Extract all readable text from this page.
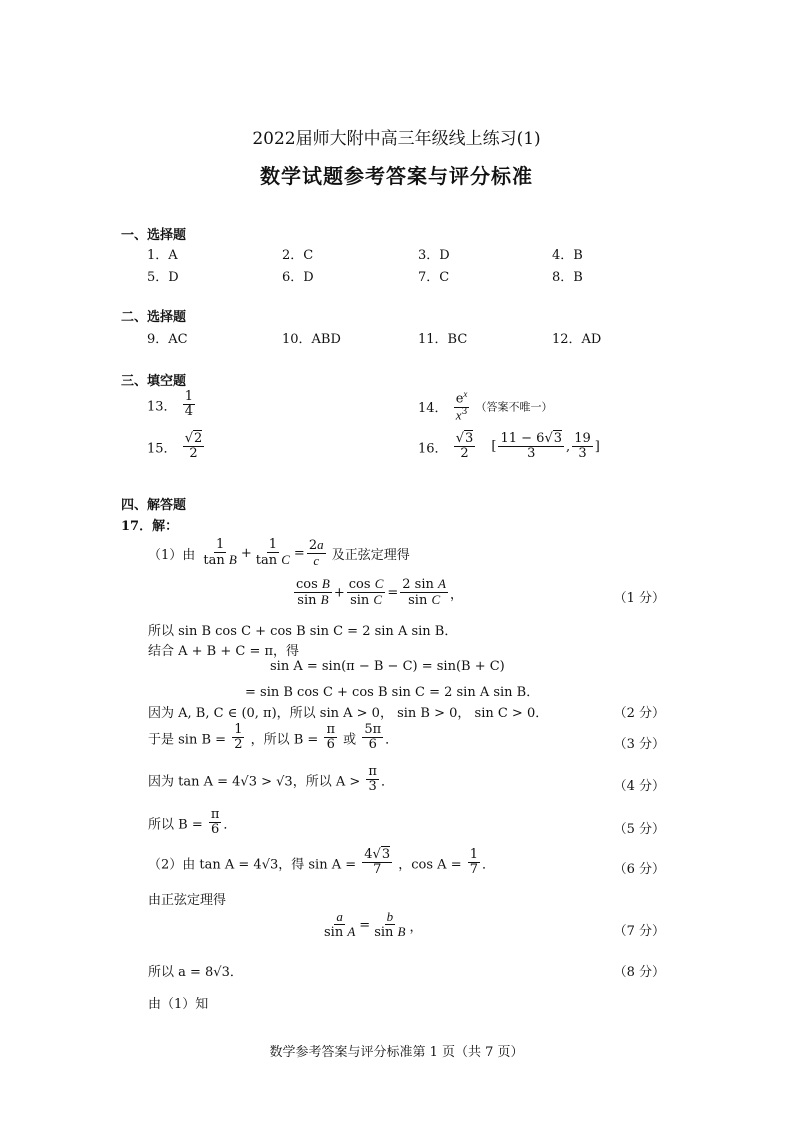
2022届师大附中高三年级线上练习(1)
数学试题参考答案与评分标准
一、选择题
1．A	2．C	3．D	4．B
5．D	6．D	7．C	8．B
二、选择题
9．AC	10．ABD	11．BC	12．AD
三、填空题
13． $\frac{1}{4}$	14． $\frac{e^x}{x^3}$ （答案不唯一）
15． $\frac{√2}{2}$	16． $\frac{√3}{2}$ [ $\frac{11 - 6√3}{3}$ , $\frac{19}{3}$ ]
四、解答题
17．解：
（1）由 $\frac{1}{\text{tan B}} + \frac{1}{\text{tan C}} = \frac{2a}{c}$ 及正弦定理得
$\frac{\text{cos B}}{\text{sin B}} + \frac{\text{cos C}}{\text{sin C}} = \frac{\text{2 sin A}}{\text{sin C}}$ ，	（1 分）
所以 sin B cos C + cos B sin C = 2 sin A sin B．
结合 A + B + C = π，得
sin A = sin(π − B − C) = sin(B + C)
= sin B cos C + cos B sin C = 2 sin A sin B．
因为 A, B, C ∈ (0, π)，所以 sin A > 0， sin B > 0， sin C > 0．	（2 分）
于是 $\sin B = \frac{1}{2}$ ，所以 $B = \frac{\pi}{6}$ 或 $\frac{5\pi}{6}$ ．	（3 分）
因为 tan A = 4√3 > √3，所以 $A > \frac{\pi}{3}$ ．	（4 分）
所以 $B = \frac{\pi}{6}$ ．	（5 分）
（2）由 tan A = 4√3，得 $\sin A = \frac{4√3}{7}$ ，$\cos A = \frac{1}{7}$ ．	（6 分）
由正弦定理得
$\frac{a}{\text{sin A}} = \frac{b}{\text{sin B}}$ ，	（7 分）
所以 a = 8√3．	（8 分）
由（1）知
数学参考答案与评分标准第 1 页（共 7 页）
